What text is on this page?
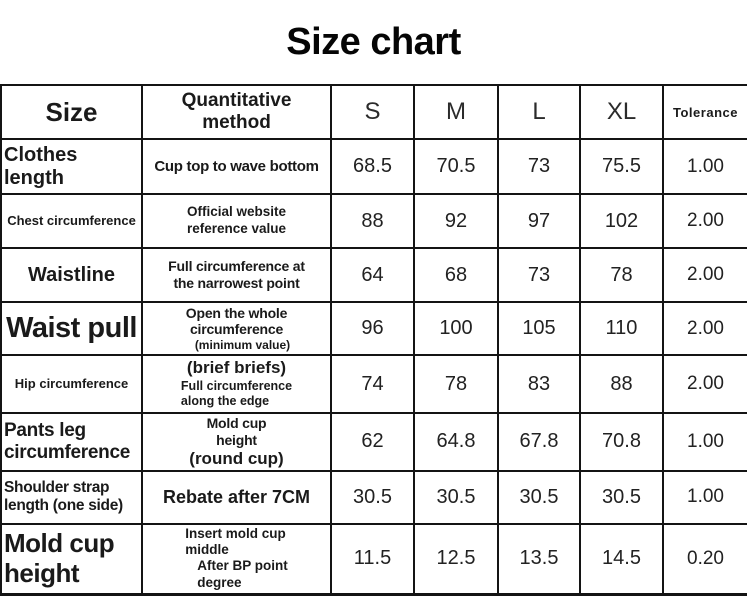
Size chart
Size	Quantitative method	S	M	L	XL	Tolerance
Clothes length	Cup top to wave bottom	68.5	70.5	73	75.5	1.00
Chest circumference	Official website
reference value	88	92	97	102	2.00
Waistline	Full circumference at
the narrowest point	64	68	73	78	2.00
Waist pull	Open the whole
circumference
(minimum value)	96	100	105	110	2.00
Hip circumference	(brief briefs)
Full circumference
along the edge	74	78	83	88	2.00
Pants leg circumference	Mold cup
height
(round cup)	62	64.8	67.8	70.8	1.00
Shoulder strap length (one side)	Rebate after 7CM	30.5	30.5	30.5	30.5	1.00
Mold cup height	Insert mold cup
middle
After BP point
degree	11.5	12.5	13.5	14.5	0.20
